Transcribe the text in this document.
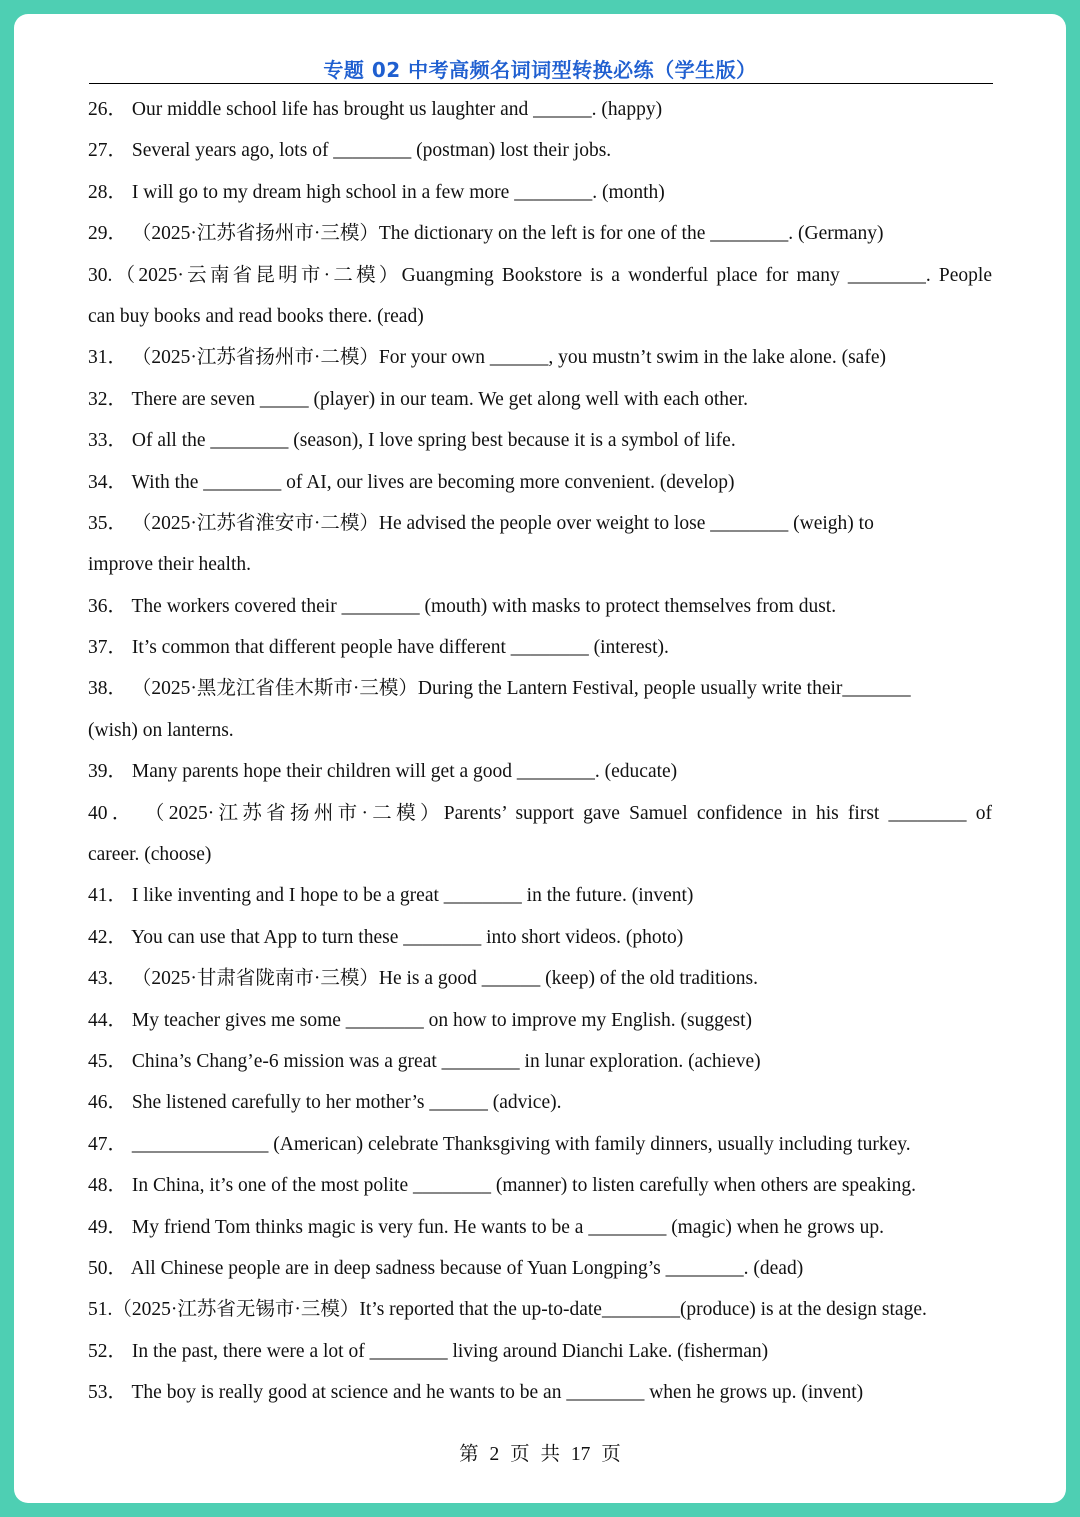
专题 02 中考高频名词词型转换必练（学生版）
26． Our middle school life has brought us laughter and ______. (happy)
27． Several years ago, lots of ________ (postman) lost their jobs.
28． I will go to my dream high school in a few more ________. (month)
29． （2025·江苏省扬州市·三模）The dictionary on the left is for one of the ________. (Germany)
30.（2025·云南省昆明市·二模）Guangming Bookstore is a wonderful place for many ________. People
can buy books and read books there. (read)
31． （2025·江苏省扬州市·二模）For your own ______, you mustn’t swim in the lake alone. (safe)
32． There are seven _____ (player) in our team. We get along well with each other.
33． Of all the ________ (season), I love spring best because it is a symbol of life.
34． With the ________ of AI, our lives are becoming more convenient. (develop)
35． （2025·江苏省淮安市·二模）He advised the people over weight to lose ________ (weigh) to
improve their health.
36． The workers covered their ________ (mouth) with masks to protect themselves from dust.
37． It’s common that different people have different ________ (interest).
38． （2025·黑龙江省佳木斯市·三模）During the Lantern Festival, people usually write their_______
(wish) on lanterns.
39． Many parents hope their children will get a good ________. (educate)
40． （2025·江苏省扬州市·二模）Parents’ support gave Samuel confidence in his first ________ of
career. (choose)
41． I like inventing and I hope to be a great ________ in the future. (invent)
42． You can use that App to turn these ________ into short videos. (photo)
43． （2025·甘肃省陇南市·三模）He is a good ______ (keep) of the old traditions.
44． My teacher gives me some ________ on how to improve my English. (suggest)
45． China’s Chang’e-6 mission was a great ________ in lunar exploration. (achieve)
46． She listened carefully to her mother’s ______ (advice).
47． ______________ (American) celebrate Thanksgiving with family dinners, usually including turkey.
48． In China, it’s one of the most polite ________ (manner) to listen carefully when others are speaking.
49． My friend Tom thinks magic is very fun. He wants to be a ________ (magic) when he grows up.
50． All Chinese people are in deep sadness because of Yuan Longping’s ________. (dead)
51.（2025·江苏省无锡市·三模）It’s reported that the up-to-date________(produce) is at the design stage.
52． In the past, there were a lot of ________ living around Dianchi Lake. (fisherman)
53． The boy is really good at science and he wants to be an ________ when he grows up. (invent)
第 2 页 共 17 页
